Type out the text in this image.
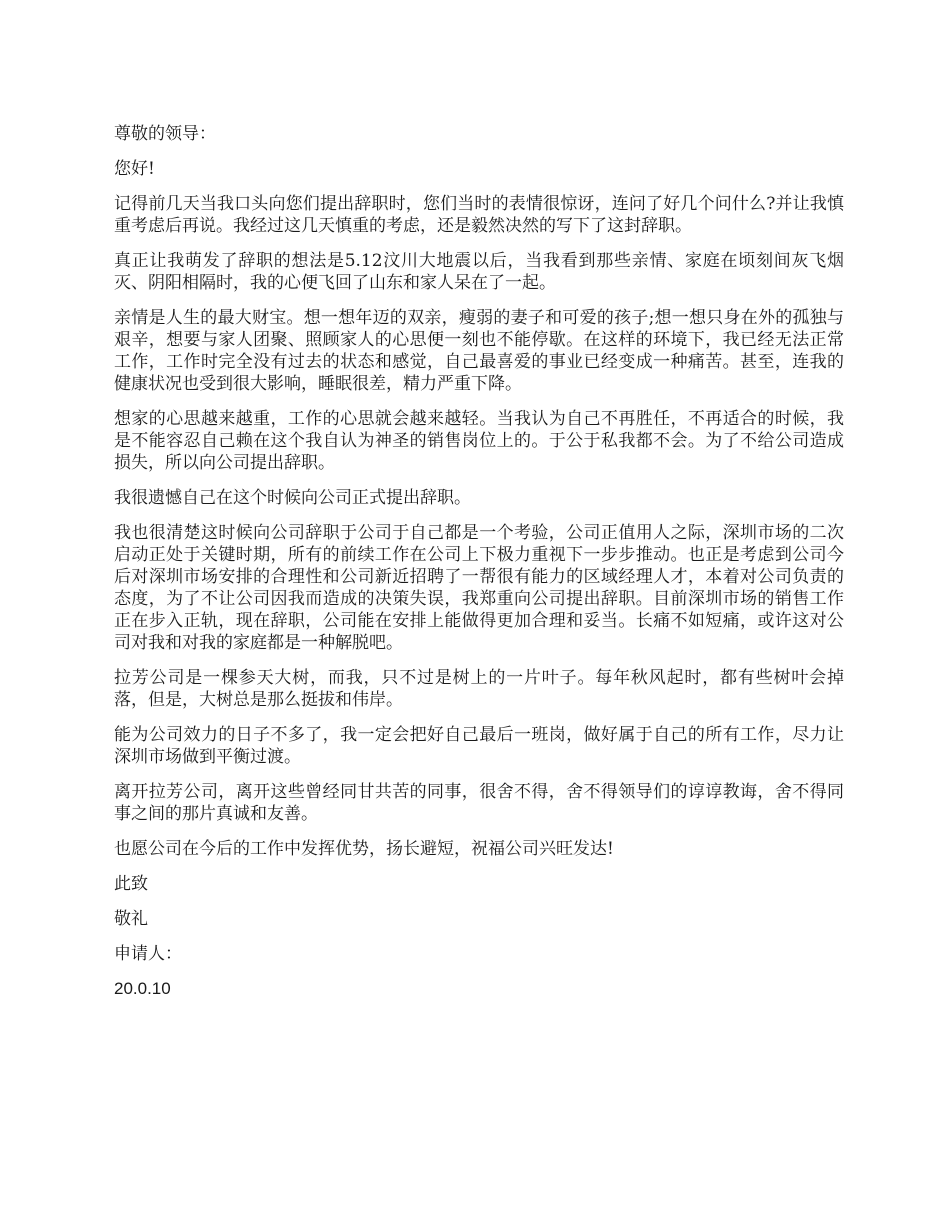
尊敬的领导：

您好!

记得前几天当我口头向您们提出辞职时，您们当时的表情很惊讶，连问了好几个问什么?并让我慎重考虑后再说。我经过这几天慎重的考虑，还是毅然决然的写下了这封辞职。

真正让我萌发了辞职的想法是5.12汶川大地震以后，当我看到那些亲情、家庭在顷刻间灰飞烟灭、阴阳相隔时，我的心便飞回了山东和家人呆在了一起。

亲情是人生的最大财宝。想一想年迈的双亲，瘦弱的妻子和可爱的孩子;想一想只身在外的孤独与艰辛，想要与家人团聚、照顾家人的心思便一刻也不能停歇。在这样的环境下，我已经无法正常工作，工作时完全没有过去的状态和感觉，自己最喜爱的事业已经变成一种痛苦。甚至，连我的健康状况也受到很大影响，睡眠很差，精力严重下降。

想家的心思越来越重，工作的心思就会越来越轻。当我认为自己不再胜任，不再适合的时候，我是不能容忍自己赖在这个我自认为神圣的销售岗位上的。于公于私我都不会。为了不给公司造成损失，所以向公司提出辞职。

我很遗憾自己在这个时候向公司正式提出辞职。

我也很清楚这时候向公司辞职于公司于自己都是一个考验，公司正值用人之际，深圳市场的二次启动正处于关键时期，所有的前续工作在公司上下极力重视下一步步推动。也正是考虑到公司今后对深圳市场安排的合理性和公司新近招聘了一帮很有能力的区域经理人才，本着对公司负责的态度，为了不让公司因我而造成的决策失误，我郑重向公司提出辞职。目前深圳市场的销售工作正在步入正轨，现在辞职，公司能在安排上能做得更加合理和妥当。长痛不如短痛，或许这对公司对我和对我的家庭都是一种解脱吧。

拉芳公司是一棵参天大树，而我，只不过是树上的一片叶子。每年秋风起时，都有些树叶会掉落，但是，大树总是那么挺拔和伟岸。

能为公司效力的日子不多了，我一定会把好自己最后一班岗，做好属于自己的所有工作，尽力让深圳市场做到平衡过渡。

离开拉芳公司，离开这些曾经同甘共苦的同事，很舍不得，舍不得领导们的谆谆教诲，舍不得同事之间的那片真诚和友善。

也愿公司在今后的工作中发挥优势，扬长避短，祝福公司兴旺发达!

此致

敬礼

申请人：

20.0.10
